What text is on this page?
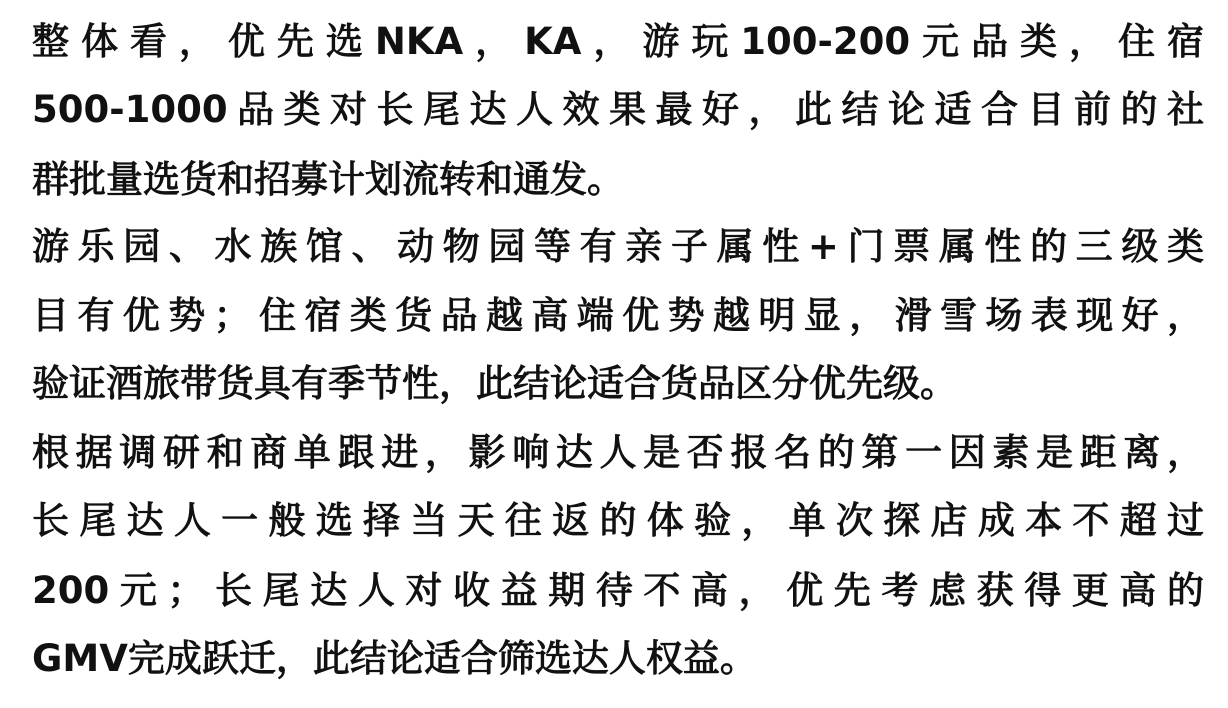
整体看，优先选NKA，KA，游玩100-200元品类，住宿
500-1000品类对长尾达人效果最好，此结论适合目前的社
群批量选货和招募计划流转和通发。
游乐园、水族馆、动物园等有亲子属性+门票属性的三级类
目有优势；住宿类货品越高端优势越明显，滑雪场表现好，
验证酒旅带货具有季节性，此结论适合货品区分优先级。
根据调研和商单跟进，影响达人是否报名的第一因素是距离，
长尾达人一般选择当天往返的体验，单次探店成本不超过
200元；长尾达人对收益期待不高，优先考虑获得更高的
GMV完成跃迁，此结论适合筛选达人权益。
